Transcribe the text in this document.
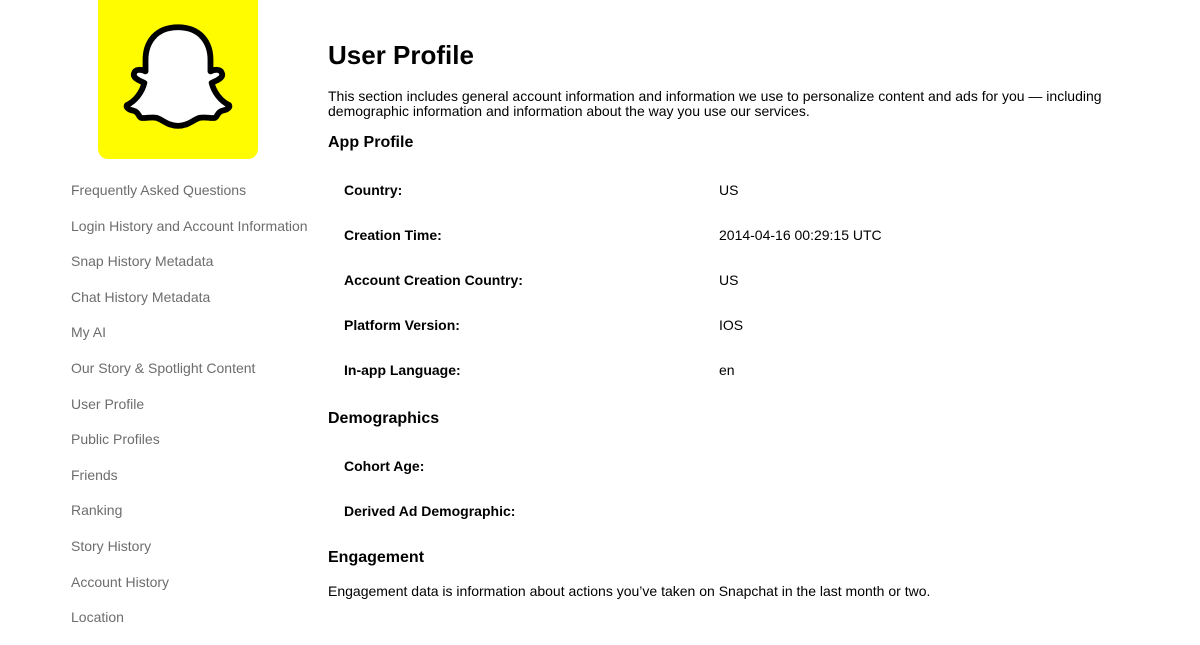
Frequently Asked Questions
Login History and Account Information
Snap History Metadata
Chat History Metadata
My AI
Our Story & Spotlight Content
User Profile
Public Profiles
Friends
Ranking
Story History
Account History
Location
User Profile

This section includes general account information and information we use to personalize content and ads for you — including demographic information and information about the way you use our services.

App Profile
Country:	US
Creation Time:	2014-04-16 00:29:15 UTC
Account Creation Country:	US
Platform Version:	IOS
In-app Language:	en
Demographics
Cohort Age:
Derived Ad Demographic:
Engagement

Engagement data is information about actions you’ve taken on Snapchat in the last month or two.
